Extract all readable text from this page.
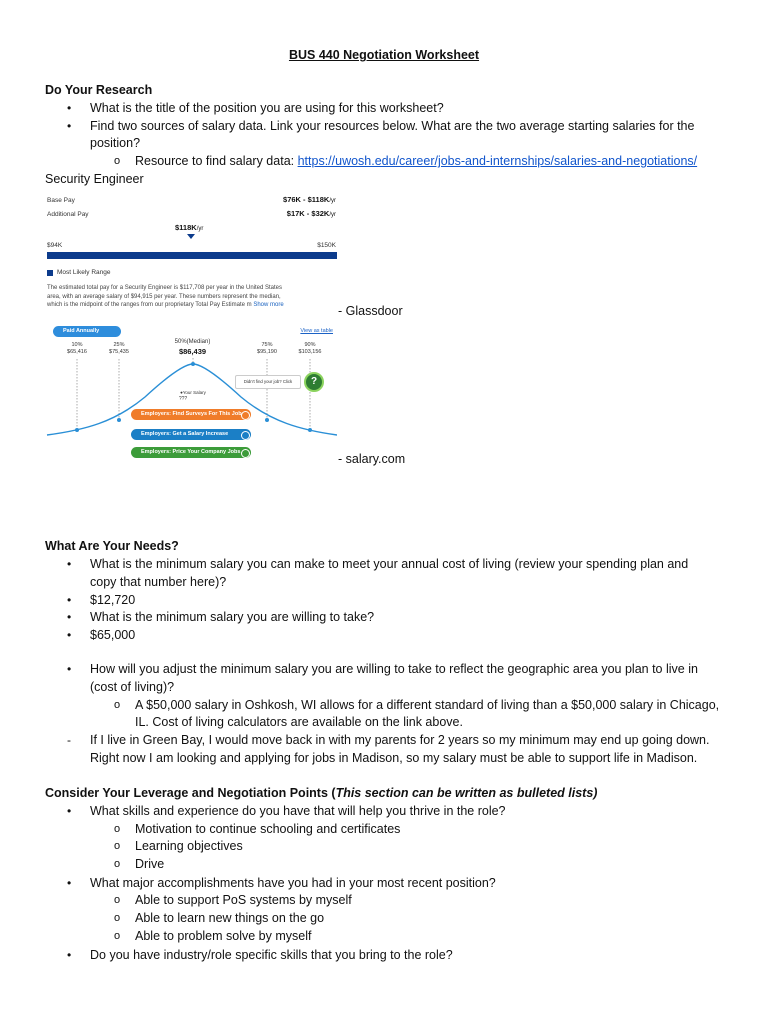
BUS 440 Negotiation Worksheet
Do Your Research
• What is the title of the position you are using for this worksheet?
• Find two sources of salary data. Link your resources below. What are the two average starting salaries for the
position?
o Resource to find salary data: https://uwosh.edu/career/jobs-and-internships/salaries-and-negotiations/
Security Engineer
Base Pay	$76K - $118K/yr
Additional Pay	$17K - $32K/yr
$118K/yr
$94K	$150K
Most Likely Range
The estimated total pay for a Security Engineer is $117,708 per year in the United States
area, with an average salary of $94,915 per year. These numbers represent the median,
which is the midpoint of the ranges from our proprietary Total Pay Estimate m Show more	- Glassdoor
Paid Annually	View as table
10%
$65,416
25%
$75,435
50%(Median)
$86,439
75%
$95,190
90%
$103,156
●Your Salary
???
Didn't find your job? Click	?
Employers: Find Surveys For This Job
Employers: Get a Salary Increase
Employers: Price Your Company Jobs	- salary.com
What Are Your Needs?
• What is the minimum salary you can make to meet your annual cost of living (review your spending plan and
copy that number here)?
• $12,720
• What is the minimum salary you are willing to take?
• $65,000
• How will you adjust the minimum salary you are willing to take to reflect the geographic area you plan to live in
(cost of living)?
o A $50,000 salary in Oshkosh, WI allows for a different standard of living than a $50,000 salary in Chicago,
IL. Cost of living calculators are available on the link above.
- If I live in Green Bay, I would move back in with my parents for 2 years so my minimum may end up going down.
Right now I am looking and applying for jobs in Madison, so my salary must be able to support life in Madison.
Consider Your Leverage and Negotiation Points (This section can be written as bulleted lists)
• What skills and experience do you have that will help you thrive in the role?
o Motivation to continue schooling and certificates
o Learning objectives
o Drive
• What major accomplishments have you had in your most recent position?
o Able to support PoS systems by myself
o Able to learn new things on the go
o Able to problem solve by myself
• Do you have industry/role specific skills that you bring to the role?
